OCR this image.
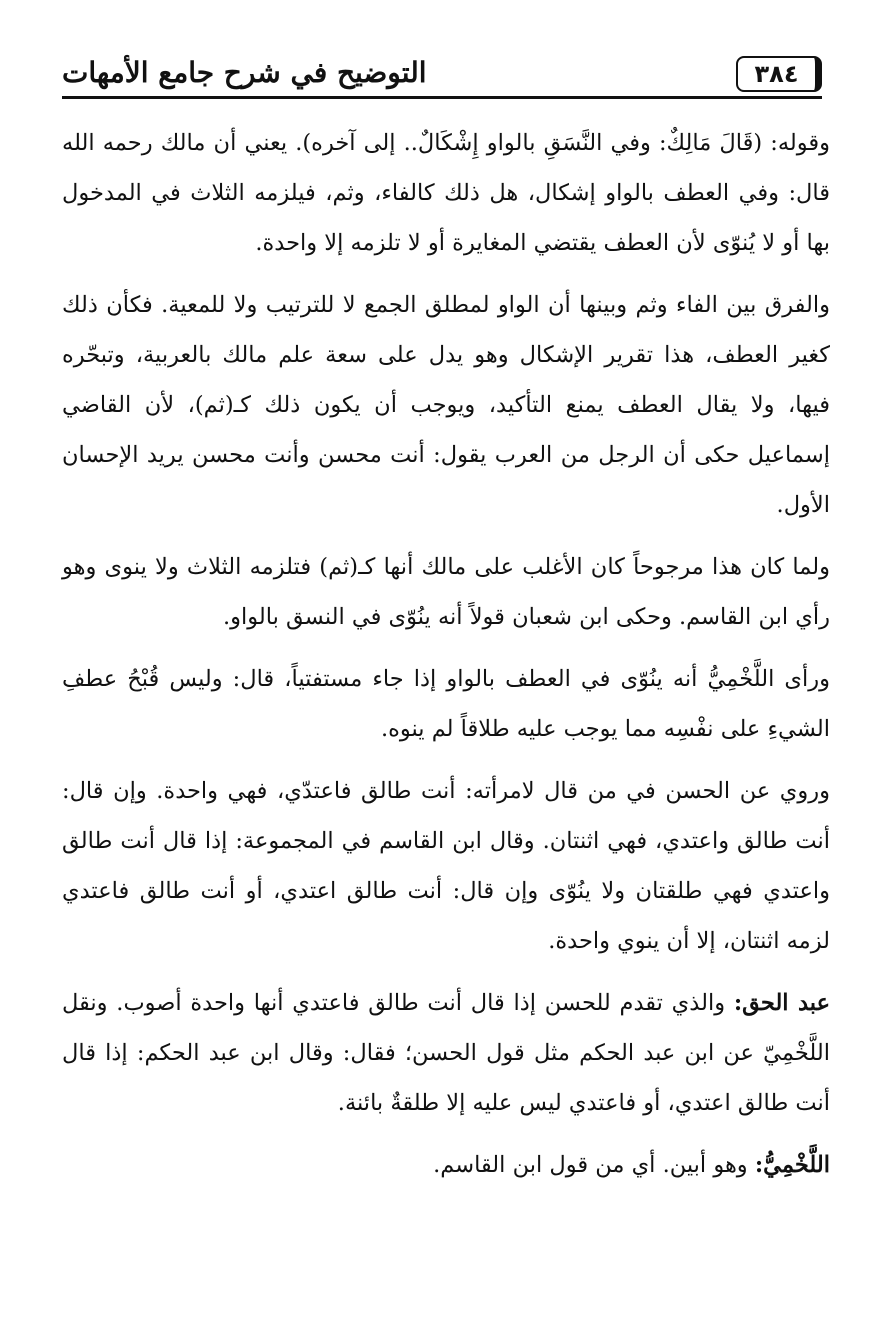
٣٨٤
التوضيح في شرح جامع الأمهات

وقوله: (قَالَ مَالِكٌ: وفي النَّسَقِ بالواو إِشْكَالٌ.. إلى آخره). يعني أن مالك رحمه الله قال: وفي العطف بالواو إشكال، هل ذلك كالفاء، وثم، فيلزمه الثلاث في المدخول بها أو لا يُنوّى لأن العطف يقتضي المغايرة أو لا تلزمه إلا واحدة.

والفرق بين الفاء وثم وبينها أن الواو لمطلق الجمع لا للترتيب ولا للمعية. فكأن ذلك كغير العطف، هذا تقرير الإشكال وهو يدل على سعة علم مالك بالعربية، وتبحّره فيها، ولا يقال العطف يمنع التأكيد، ويوجب أن يكون ذلك كـ(ثم)، لأن القاضي إسماعيل حكى أن الرجل من العرب يقول: أنت محسن وأنت محسن يريد الإحسان الأول.

ولما كان هذا مرجوحاً كان الأغلب على مالك أنها كـ(ثم) فتلزمه الثلاث ولا ينوى وهو رأي ابن القاسم. وحكى ابن شعبان قولاً أنه ينُوّى في النسق بالواو.

ورأى اللَّخْمِيُّ أنه ينُوّى في العطف بالواو إذا جاء مستفتياً، قال: وليس قُبْحُ عطفِ الشيءِ على نفْسِه مما يوجب عليه طلاقاً لم ينوه.

وروي عن الحسن في من قال لامرأته: أنت طالق فاعتدّي، فهي واحدة. وإن قال: أنت طالق واعتدي، فهي اثنتان. وقال ابن القاسم في المجموعة: إذا قال أنت طالق واعتدي فهي طلقتان ولا ينُوّى وإن قال: أنت طالق اعتدي، أو أنت طالق فاعتدي لزمه اثنتان، إلا أن ينوي واحدة.

عبد الحق: والذي تقدم للحسن إذا قال أنت طالق فاعتدي أنها واحدة أصوب. ونقل اللَّخْمِيّ عن ابن عبد الحكم مثل قول الحسن؛ فقال: وقال ابن عبد الحكم: إذا قال أنت طالق اعتدي، أو فاعتدي ليس عليه إلا طلقةٌ بائنة.

اللَّخْمِيُّ: وهو أبين. أي من قول ابن القاسم.
